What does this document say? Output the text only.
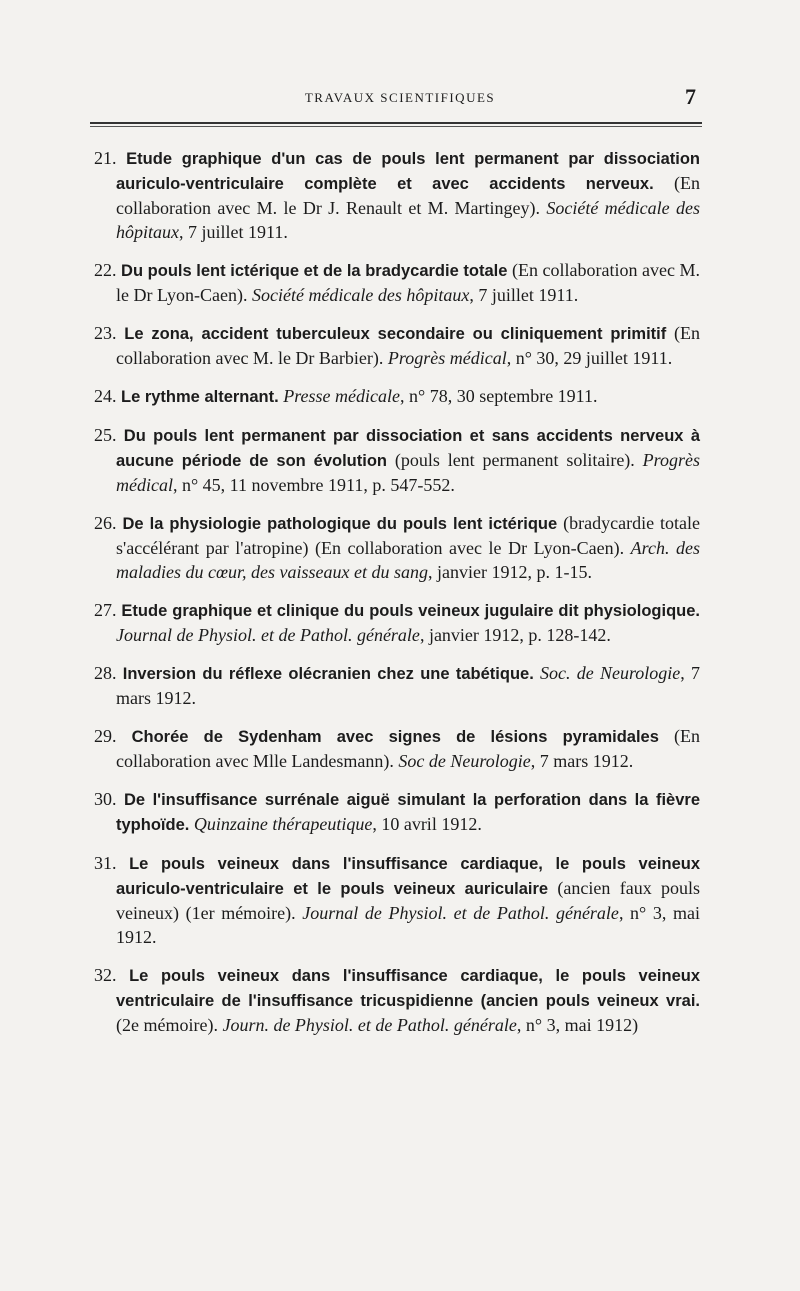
TRAVAUX SCIENTIFIQUES	7

21. Etude graphique d'un cas de pouls lent permanent par dissociation auriculo-ventriculaire complète et avec accidents nerveux. (En collaboration avec M. le Dr J. Renault et M. Martingey). Société médicale des hôpitaux, 7 juillet 1911.

22. Du pouls lent ictérique et de la bradycardie totale (En collaboration avec M. le Dr Lyon-Caen). Société médicale des hôpitaux, 7 juillet 1911.

23. Le zona, accident tuberculeux secondaire ou cliniquement primitif (En collaboration avec M. le Dr Barbier). Progrès médical, n° 30, 29 juillet 1911.

24. Le rythme alternant. Presse médicale, n° 78, 30 septembre 1911.

25. Du pouls lent permanent par dissociation et sans accidents nerveux à aucune période de son évolution (pouls lent permanent solitaire). Progrès médical, n° 45, 11 novembre 1911, p. 547-552.

26. De la physiologie pathologique du pouls lent ictérique (bradycardie totale s'accélérant par l'atropine) (En collaboration avec le Dr Lyon-Caen). Arch. des maladies du cœur, des vaisseaux et du sang, janvier 1912, p. 1-15.

27. Etude graphique et clinique du pouls veineux jugulaire dit physiologique. Journal de Physiol. et de Pathol. générale, janvier 1912, p. 128-142.

28. Inversion du réflexe olécranien chez une tabétique. Soc. de Neurologie, 7 mars 1912.

29. Chorée de Sydenham avec signes de lésions pyramidales (En collaboration avec Mlle Landesmann). Soc de Neurologie, 7 mars 1912.

30. De l'insuffisance surrénale aiguë simulant la perforation dans la fièvre typhoïde. Quinzaine thérapeutique, 10 avril 1912.

31. Le pouls veineux dans l'insuffisance cardiaque, le pouls veineux auriculo-ventriculaire et le pouls veineux auriculaire (ancien faux pouls veineux) (1er mémoire). Journal de Physiol. et de Pathol. générale, n° 3, mai 1912.

32. Le pouls veineux dans l'insuffisance cardiaque, le pouls veineux ventriculaire de l'insuffisance tricuspidienne (ancien pouls veineux vrai. (2e mémoire). Journ. de Physiol. et de Pathol. générale, n° 3, mai 1912)
